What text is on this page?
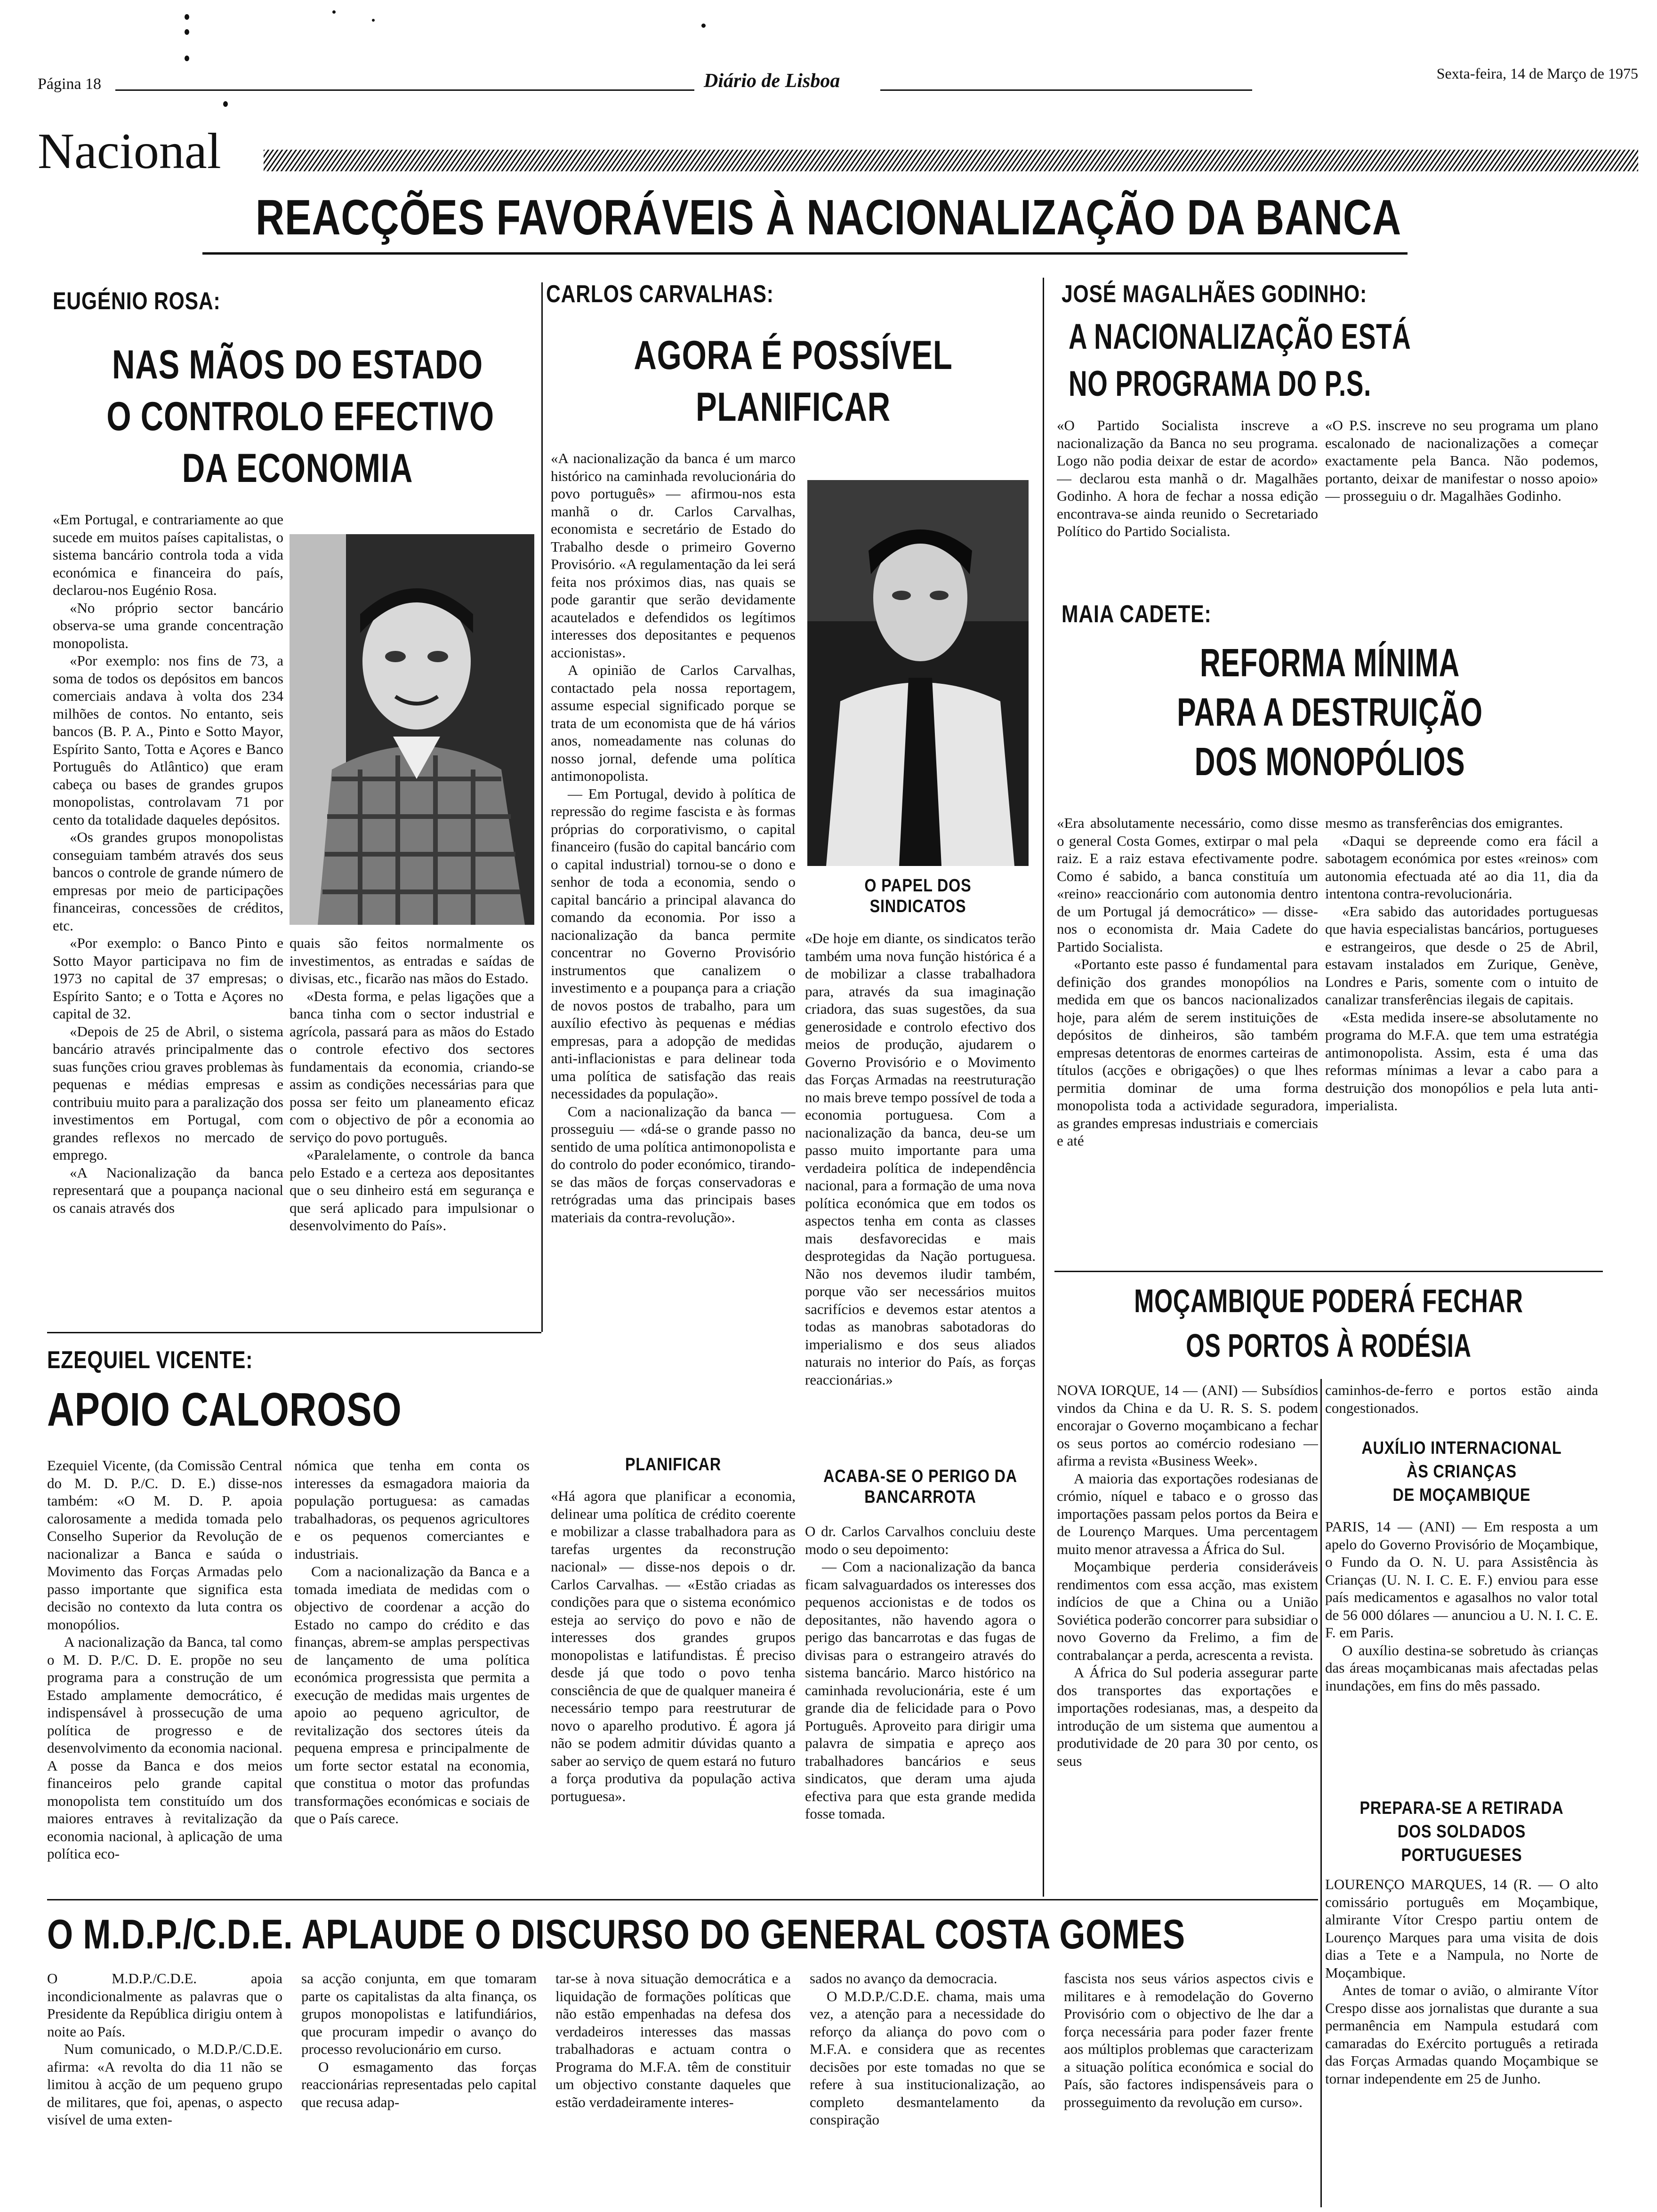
Página 18	Diário de Lisboa	Sexta-feira, 14 de Março de 1975
Nacional
REACÇÕES FAVORÁVEIS À NACIONALIZAÇÃO DA BANCA
EUGÉNIO ROSA:
NAS MÃOS DO ESTADO
O CONTROLO EFECTIVO
DA ECONOMIA

«Em Portugal, e contrariamente ao que sucede em muitos países capitalistas, o sistema bancário controla toda a vida económica e financeira do país, declarou-nos Eugénio Rosa.

«No próprio sector bancário observa-se uma grande concentração monopolista.

«Por exemplo: nos fins de 73, a soma de todos os depósitos em bancos comerciais andava à volta dos 234 milhões de contos. No entanto, seis bancos (B. P. A., Pinto e Sotto Mayor, Espírito Santo, Totta e Açores e Banco Português do Atlântico) que eram cabeça ou bases de grandes grupos monopolistas, controlavam 71 por cento da totalidade daqueles depósitos.

«Os grandes grupos monopolistas conseguiam também através dos seus bancos o controle de grande número de empresas por meio de participações financeiras, concessões de créditos, etc.

«Por exemplo: o Banco Pinto e Sotto Mayor participava no fim de 1973 no capital de 37 empresas; o Espírito Santo; e o Totta e Açores no capital de 32.

«Depois de 25 de Abril, o sistema bancário através principalmente das suas funções criou graves problemas às pequenas e médias empresas e contribuiu muito para a paralização dos investimentos em Portugal, com grandes reflexos no mercado de emprego.

«A Nacionalização da banca representará que a poupança nacional os canais através dos

quais são feitos normalmente os investimentos, as entradas e saídas de divisas, etc., ficarão nas mãos do Estado.

«Desta forma, e pelas ligações que a banca tinha com o sector industrial e agrícola, passará para as mãos do Estado o controle efectivo dos sectores fundamentais da economia, criando-se assim as condições necessárias para que possa ser feito um planeamento eficaz com o objectivo de pôr a economia ao serviço do povo português.

«Paralelamente, o controle da banca pelo Estado e a certeza aos depositantes que o seu dinheiro está em segurança e que será aplicado para impulsionar o desenvolvimento do País».

EZEQUIEL VICENTE:
APOIO CALOROSO

Ezequiel Vicente, (da Comissão Central do M. D. P./C. D. E.) disse-nos também: «O M. D. P. apoia calorosamente a medida tomada pelo Conselho Superior da Revolução de nacionalizar a Banca e saúda o Movimento das Forças Armadas pelo passo importante que significa esta decisão no contexto da luta contra os monopólios.

A nacionalização da Banca, tal como o M. D. P./C. D. E. propõe no seu programa para a construção de um Estado amplamente democrático, é indispensável à prossecução de uma política de progresso e de desenvolvimento da economia nacional. A posse da Banca e dos meios financeiros pelo grande capital monopolista tem constituído um dos maiores entraves à revitalização da economia nacional, à aplicação de uma política eco-

nómica que tenha em conta os interesses da esmagadora maioria da população portuguesa: as camadas trabalhadoras, os pequenos agricultores e os pequenos comerciantes e industriais.

Com a nacionalização da Banca e a tomada imediata de medidas com o objectivo de coordenar a acção do Estado no campo do crédito e das finanças, abrem-se amplas perspectivas de lançamento de uma política económica progressista que permita a execução de medidas mais urgentes de apoio ao pequeno agricultor, de revitalização dos sectores úteis da pequena empresa e principalmente de um forte sector estatal na economia, que constitua o motor das profundas transformações económicas e sociais de que o País carece.

CARLOS CARVALHAS:
AGORA É POSSÍVEL
PLANIFICAR

«A nacionalização da banca é um marco histórico na caminhada revolucionária do povo português» — afirmou-nos esta manhã o dr. Carlos Carvalhas, economista e secretário de Estado do Trabalho desde o primeiro Governo Provisório. «A regulamentação da lei será feita nos próximos dias, nas quais se pode garantir que serão devidamente acautelados e defendidos os legítimos interesses dos depositantes e pequenos accionistas».

A opinião de Carlos Carvalhas, contactado pela nossa reportagem, assume especial significado porque se trata de um economista que de há vários anos, nomeadamente nas colunas do nosso jornal, defende uma política antimonopolista.

— Em Portugal, devido à política de repressão do regime fascista e às formas próprias do corporativismo, o capital financeiro (fusão do capital bancário com o capital industrial) tornou-se o dono e senhor de toda a economia, sendo o capital bancário a principal alavanca do comando da economia. Por isso a nacionalização da banca permite concentrar no Governo Provisório instrumentos que canalizem o investimento e a poupança para a criação de novos postos de trabalho, para um auxílio efectivo às pequenas e médias empresas, para a adopção de medidas anti-inflacionistas e para delinear toda uma política de satisfação das reais necessidades da população».

Com a nacionalização da banca — prosseguiu — «dá-se o grande passo no sentido de uma política antimonopolista e do controlo do poder económico, tirando-se das mãos de forças conservadoras e retrógradas uma das principais bases materiais da contra-revolução».

O PAPEL DOS SINDICATOS

«De hoje em diante, os sindicatos terão também uma nova função histórica é a de mobilizar a classe trabalhadora para, através da sua imaginação criadora, das suas sugestões, da sua generosidade e controlo efectivo dos meios de produção, ajudarem o Governo Provisório e o Movimento das Forças Armadas na reestruturação no mais breve tempo possível de toda a economia portuguesa. Com a nacionalização da banca, deu-se um passo muito importante para uma verdadeira política de independência nacional, para a formação de uma nova política económica que em todos os aspectos tenha em conta as classes mais desfavorecidas e mais desprotegidas da Nação portuguesa. Não nos devemos iludir também, porque vão ser necessários muitos sacrifícios e devemos estar atentos a todas as manobras sabotadoras do imperialismo e dos seus aliados naturais no interior do País, as forças reaccionárias.»

PLANIFICAR

«Há agora que planificar a economia, delinear uma política de crédito coerente e mobilizar a classe trabalhadora para as tarefas urgentes da reconstrução nacional» — disse-nos depois o dr. Carlos Carvalhas. — «Estão criadas as condições para que o sistema económico esteja ao serviço do povo e não de interesses dos grandes grupos monopolistas e latifundistas. É preciso desde já que todo o povo tenha consciência de que de qualquer maneira é necessário tempo para reestruturar de novo o aparelho produtivo. É agora já não se podem admitir dúvidas quanto a saber ao serviço de quem estará no futuro a força produtiva da população activa portuguesa».

ACABA-SE O PERIGO DA BANCARROTA

O dr. Carlos Carvalhos concluiu deste modo o seu depoimento:

— Com a nacionalização da banca ficam salvaguardados os interesses dos pequenos accionistas e de todos os depositantes, não havendo agora o perigo das bancarrotas e das fugas de divisas para o estrangeiro através do sistema bancário. Marco histórico na caminhada revolucionária, este é um grande dia de felicidade para o Povo Português. Aproveito para dirigir uma palavra de simpatia e apreço aos trabalhadores bancários e seus sindicatos, que deram uma ajuda efectiva para que esta grande medida fosse tomada.

JOSÉ MAGALHÃES GODINHO:
A NACIONALIZAÇÃO ESTÁ
NO PROGRAMA DO P.S.

«O Partido Socialista inscreve a nacionalização da Banca no seu programa. Logo não podia deixar de estar de acordo» — declarou esta manhã o dr. Magalhães Godinho. A hora de fechar a nossa edição encontrava-se ainda reunido o Secretariado Político do Partido Socialista.

«O P.S. inscreve no seu programa um plano escalonado de nacionalizações a começar exactamente pela Banca. Não podemos, portanto, deixar de manifestar o nosso apoio» — prosseguiu o dr. Magalhães Godinho.

MAIA CADETE:
REFORMA MÍNIMA
PARA A DESTRUIÇÃO
DOS MONOPÓLIOS

«Era absolutamente necessário, como disse o general Costa Gomes, extirpar o mal pela raiz. E a raiz estava efectivamente podre. Como é sabido, a banca constituía um «reino» reaccionário com autonomia dentro de um Portugal já democrático» — disse-nos o economista dr. Maia Cadete do Partido Socialista.

«Portanto este passo é fundamental para definição dos grandes monopólios na medida em que os bancos nacionalizados hoje, para além de serem instituições de depósitos de dinheiros, são também empresas detentoras de enormes carteiras de títulos (acções e obrigações) o que lhes permitia dominar de uma forma monopolista toda a actividade seguradora, as grandes empresas industriais e comerciais e até

mesmo as transferências dos emigrantes.

«Daqui se depreende como era fácil a sabotagem económica por estes «reinos» com autonomia efectuada até ao dia 11, dia da intentona contra-revolucionária.

«Era sabido das autoridades portuguesas que havia especialistas bancários, portugueses e estrangeiros, que desde o 25 de Abril, estavam instalados em Zurique, Genève, Londres e Paris, somente com o intuito de canalizar transferências ilegais de capitais.

«Esta medida insere-se absolutamente no programa do M.F.A. que tem uma estratégia antimonopolista. Assim, esta é uma das reformas mínimas a levar a cabo para a destruição dos monopólios e pela luta anti-imperialista.

MOÇAMBIQUE PODERÁ FECHAR
OS PORTOS À RODÉSIA

NOVA IORQUE, 14 — (ANI) — Subsídios vindos da China e da U. R. S. S. podem encorajar o Governo moçambicano a fechar os seus portos ao comércio rodesiano — afirma a revista «Business Week».

A maioria das exportações rodesianas de crómio, níquel e tabaco e o grosso das importações passam pelos portos da Beira e de Lourenço Marques. Uma percentagem muito menor atravessa a África do Sul.

Moçambique perderia consideráveis rendimentos com essa acção, mas existem indícios de que a China ou a União Soviética poderão concorrer para subsidiar o novo Governo da Frelimo, a fim de contrabalançar a perda, acrescenta a revista.

A África do Sul poderia assegurar parte dos transportes das exportações e importações rodesianas, mas, a despeito da introdução de um sistema que aumentou a produtividade de 20 para 30 por cento, os seus

caminhos-de-ferro e portos estão ainda congestionados.

AUXÍLIO INTERNACIONAL
ÀS CRIANÇAS
DE MOÇAMBIQUE

PARIS, 14 — (ANI) — Em resposta a um apelo do Governo Provisório de Moçambique, o Fundo da O. N. U. para Assistência às Crianças (U. N. I. C. E. F.) enviou para esse país medicamentos e agasalhos no valor total de 56 000 dólares — anunciou a U. N. I. C. E. F. em Paris.

O auxílio destina-se sobretudo às crianças das áreas moçambicanas mais afectadas pelas inundações, em fins do mês passado.

PREPARA-SE A RETIRADA
DOS SOLDADOS
PORTUGUESES

LOURENÇO MARQUES, 14 (R. — O alto comissário português em Moçambique, almirante Vítor Crespo partiu ontem de Lourenço Marques para uma visita de dois dias a Tete e a Nampula, no Norte de Moçambique.

Antes de tomar o avião, o almirante Vítor Crespo disse aos jornalistas que durante a sua permanência em Nampula estudará com camaradas do Exército português a retirada das Forças Armadas quando Moçambique se tornar independente em 25 de Junho.

O M.D.P./C.D.E. APLAUDE O DISCURSO DO GENERAL COSTA GOMES

O M.D.P./C.D.E. apoia incondicionalmente as palavras que o Presidente da República dirigiu ontem à noite ao País.

Num comunicado, o M.D.P./C.D.E. afirma: «A revolta do dia 11 não se limitou à acção de um pequeno grupo de militares, que foi, apenas, o aspecto visível de uma exten-

sa acção conjunta, em que tomaram parte os capitalistas da alta finança, os grupos monopolistas e latifundiários, que procuram impedir o avanço do processo revolucionário em curso.

O esmagamento das forças reaccionárias representadas pelo capital que recusa adap-

tar-se à nova situação democrática e a liquidação de formações políticas que não estão empenhadas na defesa dos verdadeiros interesses das massas trabalhadoras e actuam contra o Programa do M.F.A. têm de constituir um objectivo constante daqueles que estão verdadeiramente interes-

sados no avanço da democracia.

O M.D.P./C.D.E. chama, mais uma vez, a atenção para a necessidade do reforço da aliança do povo com o M.F.A. e considera que as recentes decisões por este tomadas no que se refere à sua institucionalização, ao completo desmantelamento da conspiração

fascista nos seus vários aspectos civis e militares e à remodelação do Governo Provisório com o objectivo de lhe dar a força necessária para poder fazer frente aos múltiplos problemas que caracterizam a situação política económica e social do País, são factores indispensáveis para o prosseguimento da revolução em curso».
